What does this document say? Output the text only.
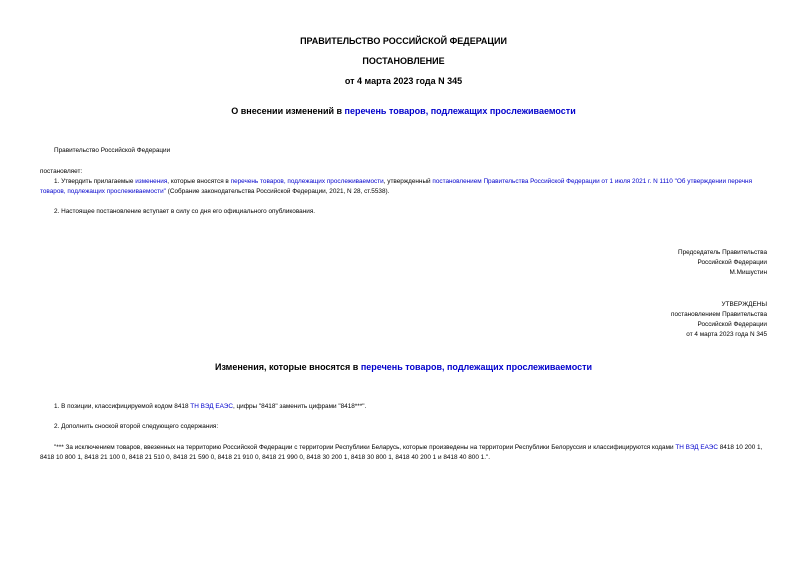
ПРАВИТЕЛЬСТВО РОССИЙСКОЙ ФЕДЕРАЦИИ
ПОСТАНОВЛЕНИЕ
от 4 марта 2023 года N 345
О внесении изменений в перечень товаров, подлежащих прослеживаемости
Правительство Российской Федерации
постановляет:
1. Утвердить прилагаемые изменения, которые вносятся в перечень товаров, подлежащих прослеживаемости, утвержденный постановлением Правительства Российской Федерации от 1 июля 2021 г. N 1110 "Об утверждении перечня товаров, подлежащих прослеживаемости" (Собрание законодательства Российской Федерации, 2021, N 28, ст.5538).
2. Настоящее постановление вступает в силу со дня его официального опубликования.
Председатель Правительства
Российской Федерации
М.Мишустин
УТВЕРЖДЕНЫ
постановлением Правительства
Российской Федерации
от 4 марта 2023 года N 345
Изменения, которые вносятся в перечень товаров, подлежащих прослеживаемости
1. В позиции, классифицируемой кодом 8418 ТН ВЭД ЕАЭС, цифры "8418" заменить цифрами "8418***".
2. Дополнить сноской второй следующего содержания:
"*** За исключением товаров, ввезенных на территорию Российской Федерации с территории Республики Беларусь, которые произведены на территории Республики Белоруссия и классифицируются кодами ТН ВЭД ЕАЭС 8418 10 200 1, 8418 10 800 1, 8418 21 100 0, 8418 21 510 0, 8418 21 590 0, 8418 21 910 0, 8418 21 990 0, 8418 30 200 1, 8418 30 800 1, 8418 40 200 1 и 8418 40 800 1.".
